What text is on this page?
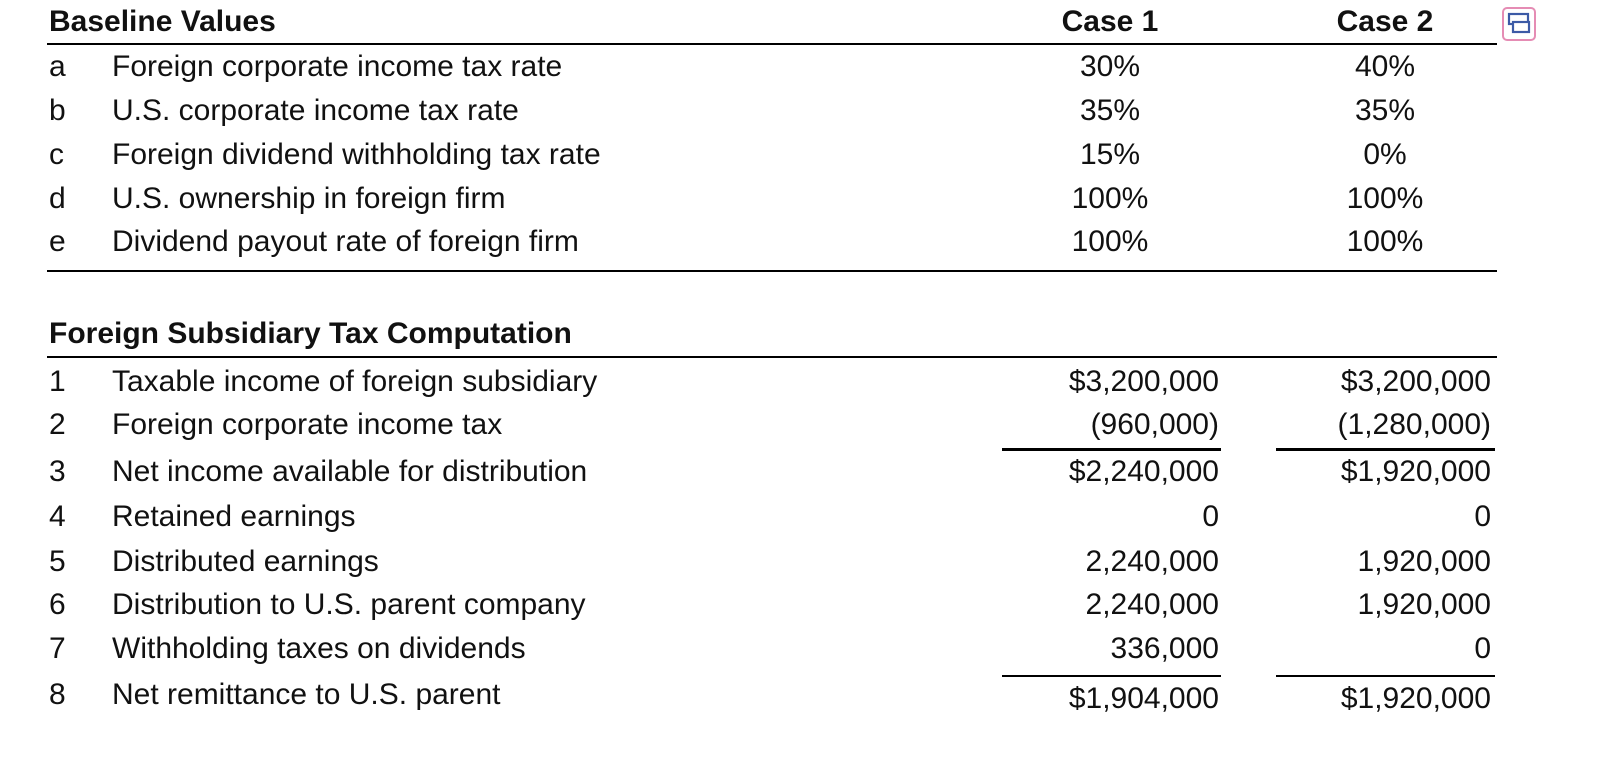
Baseline Values	Case 1	Case 2
a Foreign corporate income tax rate	30%	40%
b U.S. corporate income tax rate	35%	35%
c Foreign dividend withholding tax rate	15%	0%
d U.S. ownership in foreign firm	100%	100%
e Dividend payout rate of foreign firm	100%	100%
Foreign Subsidiary Tax Computation
1 Taxable income of foreign subsidiary	$3,200,000	$3,200,000
2 Foreign corporate income tax	(960,000)	(1,280,000)
3 Net income available for distribution	$2,240,000	$1,920,000
4 Retained earnings	0	0
5 Distributed earnings	2,240,000	1,920,000
6 Distribution to U.S. parent company	2,240,000	1,920,000
7 Withholding taxes on dividends	336,000	0
8 Net remittance to U.S. parent	$1,904,000	$1,920,000
